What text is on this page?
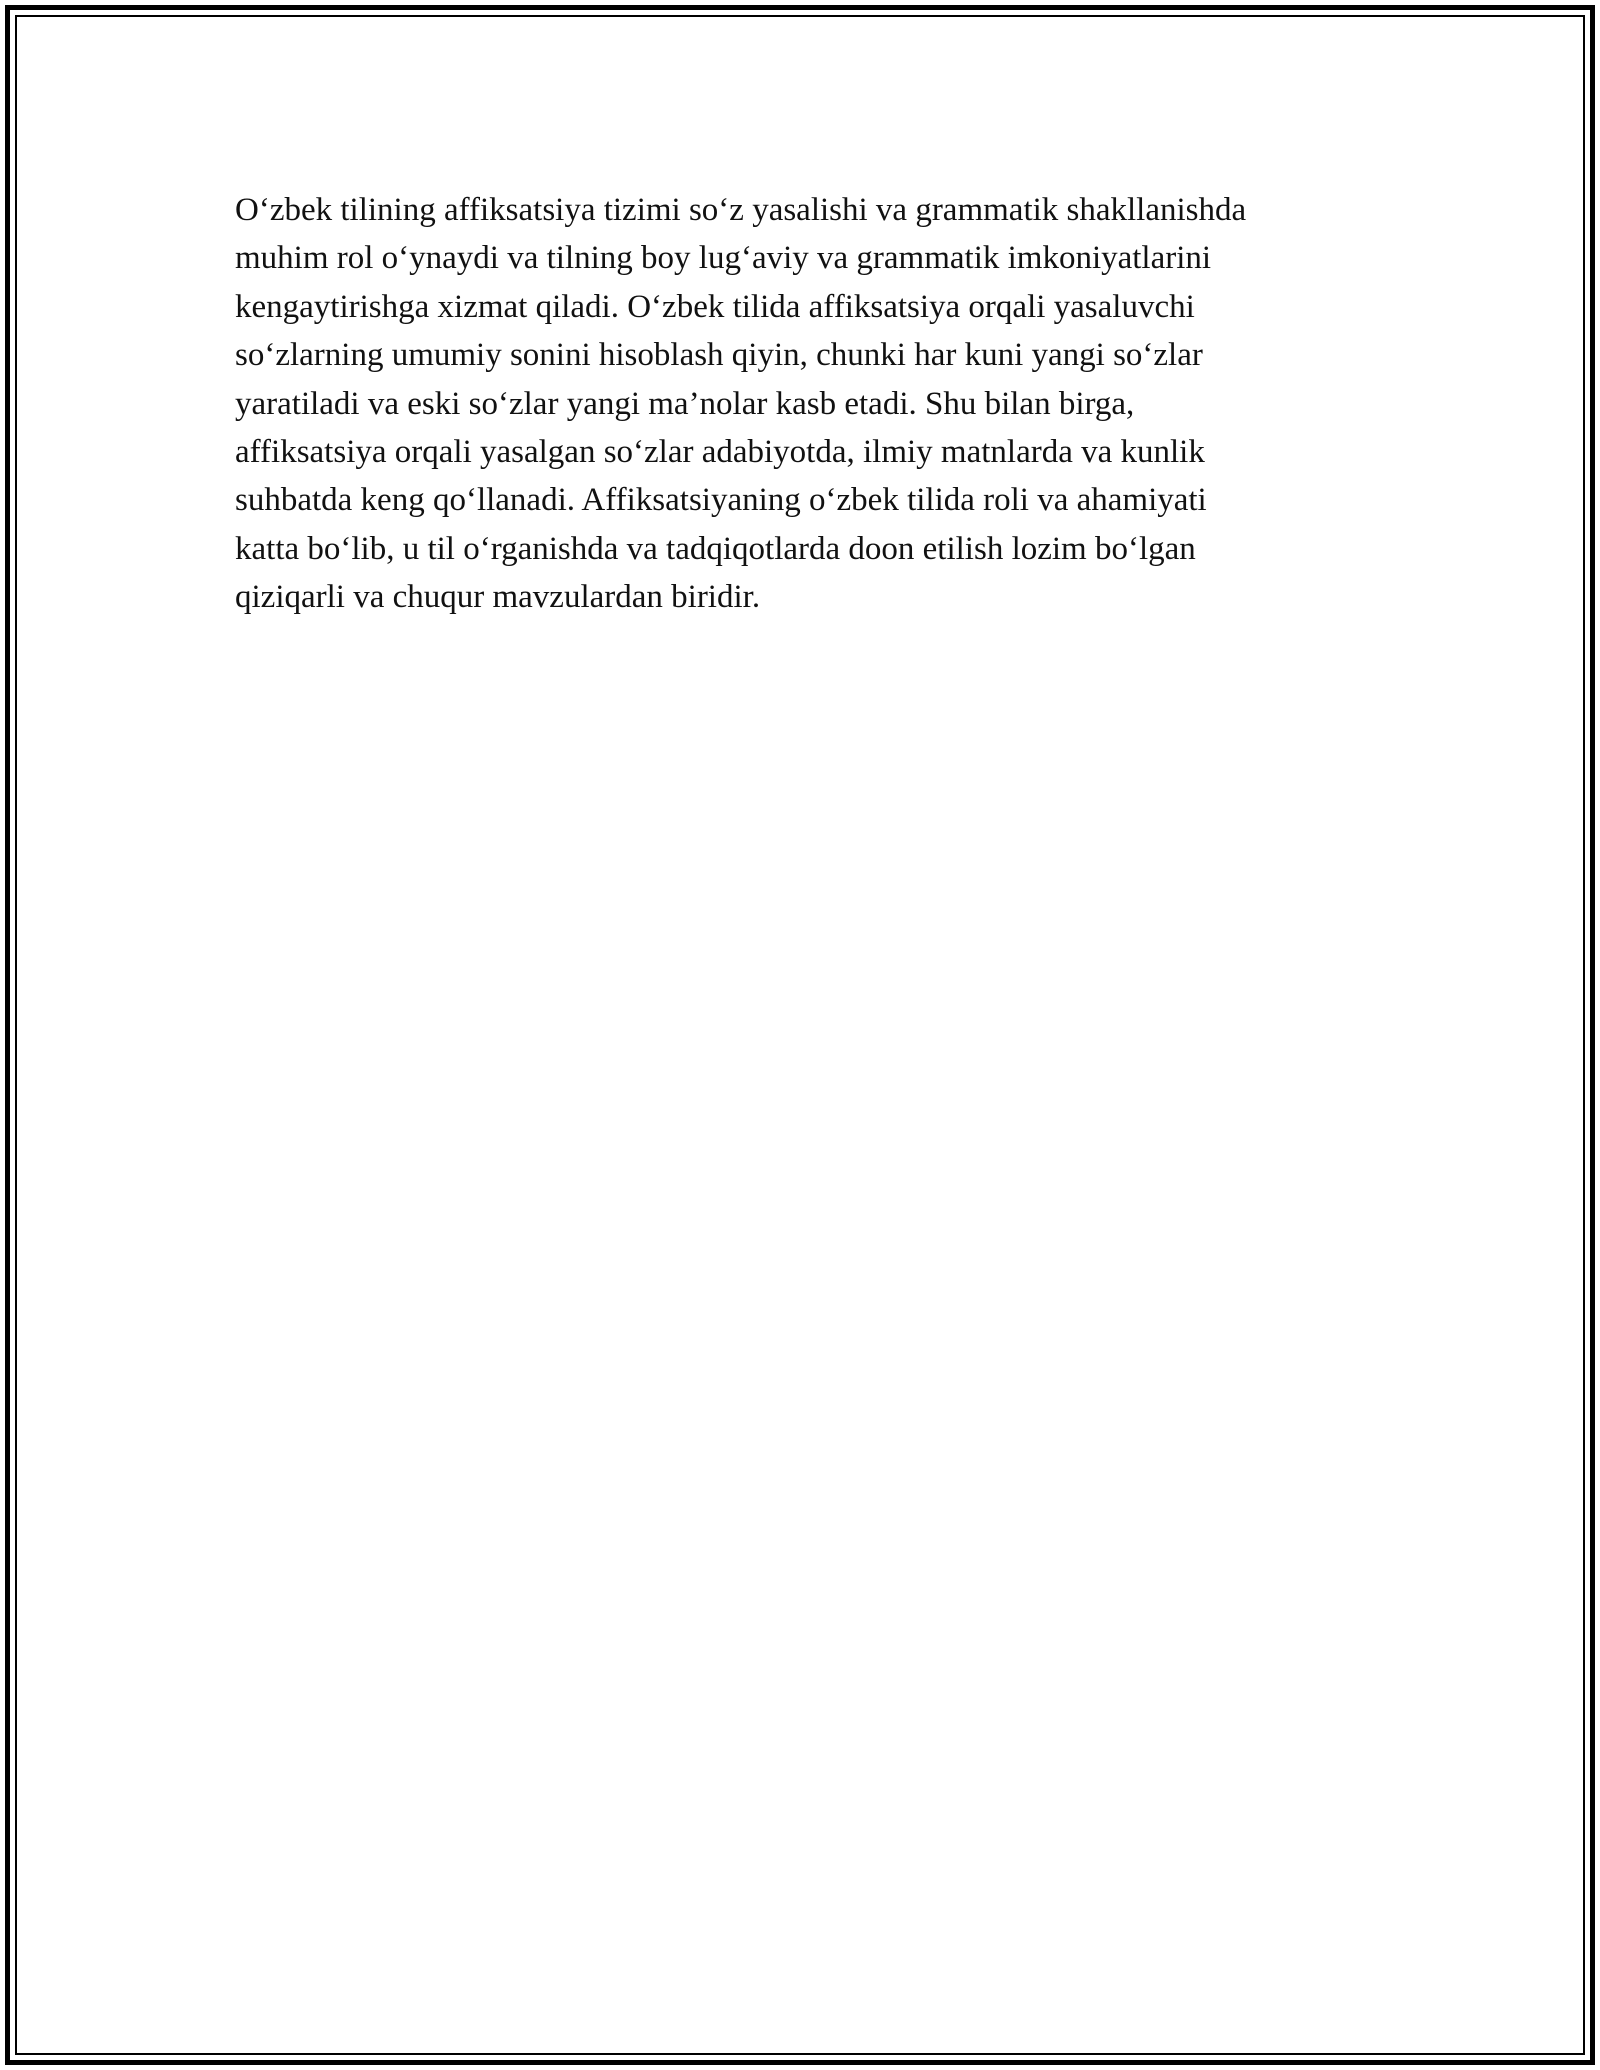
O‘zbek tilining affiksatsiya tizimi so‘z yasalishi va grammatik shakllanishda
muhim rol o‘ynaydi va tilning boy lug‘aviy va grammatik imkoniyatlarini
kengaytirishga xizmat qiladi. O‘zbek tilida affiksatsiya orqali yasaluvchi
so‘zlarning umumiy sonini hisoblash qiyin, chunki har kuni yangi so‘zlar
yaratiladi va eski so‘zlar yangi ma’nolar kasb etadi. Shu bilan birga,
affiksatsiya orqali yasalgan so‘zlar adabiyotda, ilmiy matnlarda va kunlik
suhbatda keng qo‘llanadi. Affiksatsiyaning o‘zbek tilida roli va ahamiyati
katta bo‘lib, u til o‘rganishda va tadqiqotlarda doon etilish lozim bo‘lgan
qiziqarli va chuqur mavzulardan biridir.
